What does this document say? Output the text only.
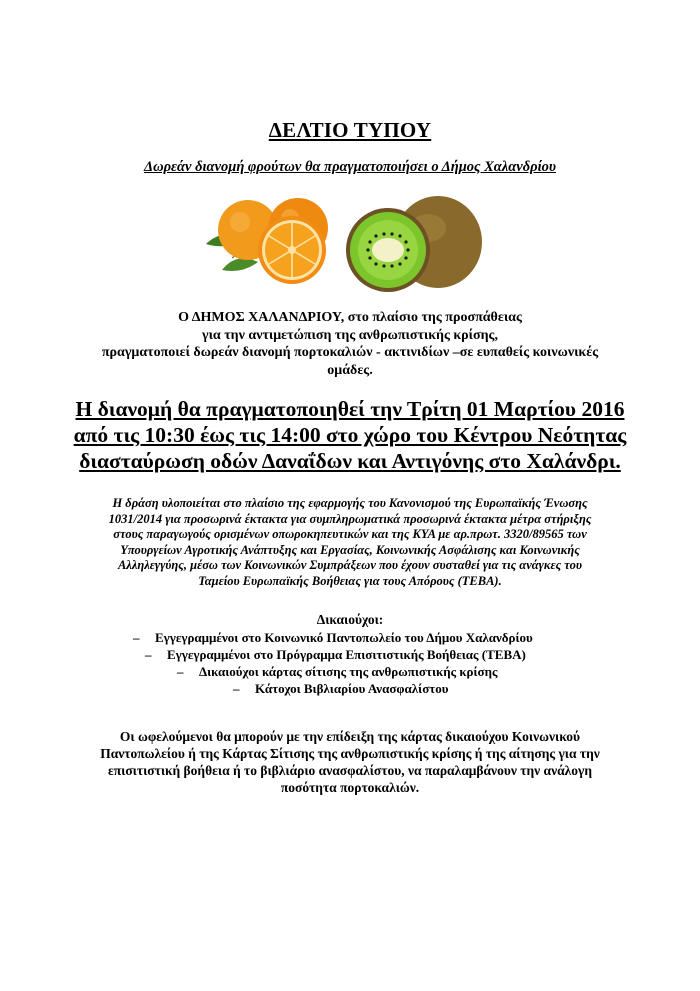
ΔΕΛΤΙΟ ΤΥΠΟΥ
Δωρεάν διανομή φρούτων θα πραγματοποιήσει ο Δήμος Χαλανδρίου
Ο ΔΗΜΟΣ ΧΑΛΑΝΔΡΙΟΥ, στο πλαίσιο της προσπάθειας
για την αντιμετώπιση της ανθρωπιστικής κρίσης,
πραγματοποιεί δωρεάν διανομή πορτοκαλιών - ακτινιδίων –σε ευπαθείς κοινωνικές
ομάδες.
Η διανομή θα πραγματοποιηθεί την Τρίτη 01 Μαρτίου 2016
από τις 10:30 έως τις 14:00 στο χώρο του Κέντρου Νεότητας
διασταύρωση οδών Δαναΐδων και Αντιγόνης στο Χαλάνδρι.
Η δράση υλοποιείται στο πλαίσιο της εφαρμογής του Κανονισμού της Ευρωπαϊκής Ένωσης
1031/2014 για προσωρινά έκτακτα για συμπληρωματικά προσωρινά έκτακτα μέτρα στήριξης
στους παραγωγούς ορισμένων οπωροκηπευτικών και της ΚΥΑ με αρ.πρωτ. 3320/89565 των
Υπουργείων Αγροτικής Ανάπτυξης και Εργασίας, Κοινωνικής Ασφάλισης και Κοινωνικής
Αλληλεγγύης, μέσω των Κοινωνικών Συμπράξεων που έχουν συσταθεί για τις ανάγκες του
Ταμείου Ευρωπαϊκής Βοήθειας για τους Απόρους (ΤΕΒΑ).
Δικαιούχοι:
– Εγγεγραμμένοι στο Κοινωνικό Παντοπωλείο του Δήμου Χαλανδρίου
– Εγγεγραμμένοι στο Πρόγραμμα Επισιτιστικής Βοήθειας (ΤΕΒΑ)
– Δικαιούχοι κάρτας σίτισης της ανθρωπιστικής κρίσης
– Κάτοχοι Βιβλιαρίου Ανασφαλίστου
Οι ωφελούμενοι θα μπορούν με την επίδειξη της κάρτας δικαιούχου Κοινωνικού
Παντοπωλείου ή της Κάρτας Σίτισης της ανθρωπιστικής κρίσης ή της αίτησης για την
επισιτιστική βοήθεια ή το βιβλιάριο ανασφαλίστου, να παραλαμβάνουν την ανάλογη
ποσότητα πορτοκαλιών.
